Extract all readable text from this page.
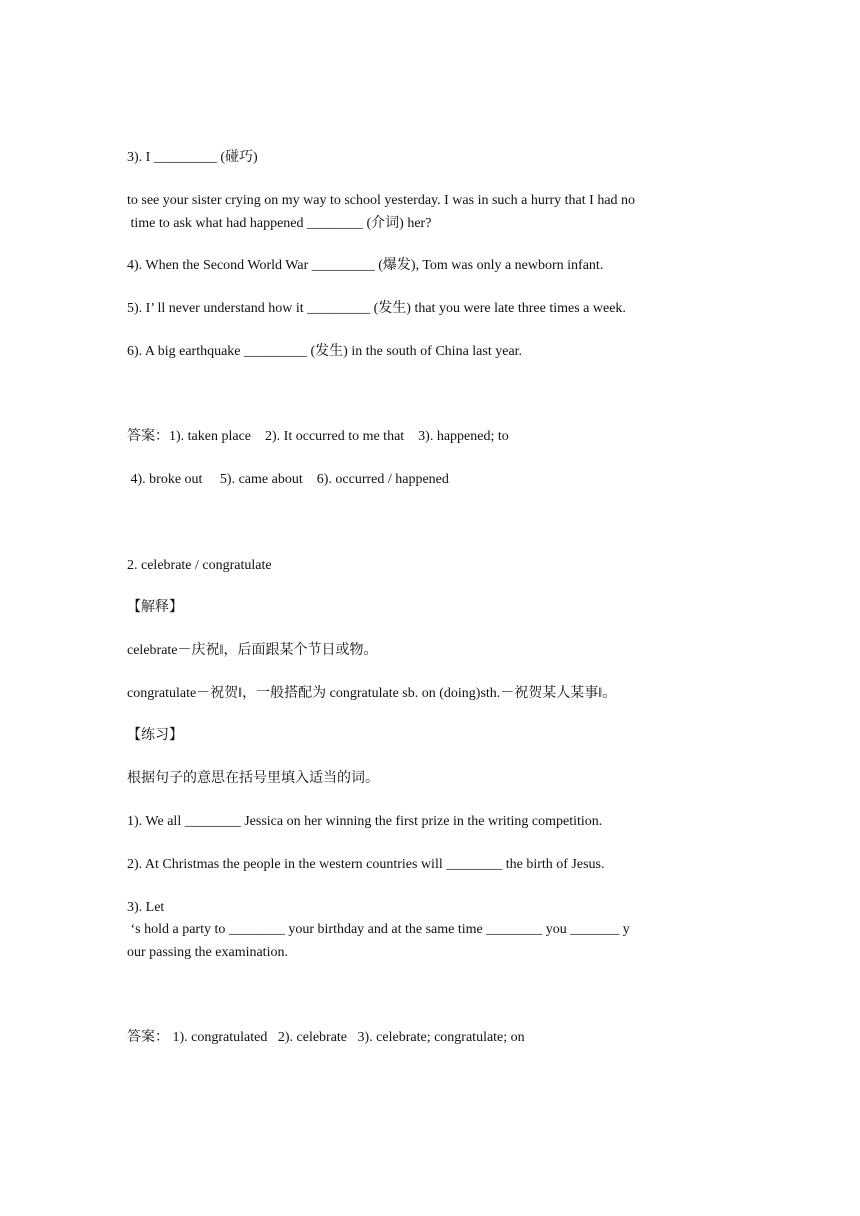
3). I _________ (碰巧)

to see your sister crying on my way to school yesterday. I was in such a hurry that I had no

time to ask what had happened ________ (介词) her?

4). When the Second World War _________ (爆发), Tom was only a newborn infant.

5). I’ ll never understand how it _________ (发生) that you were late three times a week.

6). A big earthquake _________ (发生) in the south of China last year.

答案：1). taken place    2). It occurred to me that    3). happened; to

4). broke out     5). came about    6). occurred / happened

2. celebrate / congratulate

【解释】

celebrate－庆祝‖，后面跟某个节日或物。

congratulate－祝贺‖，一般搭配为 congratulate sb. on (doing)sth.－祝贺某人某事‖。

【练习】

根据句子的意思在括号里填入适当的词。

1). We all ________ Jessica on her winning the first prize in the writing competition.

2). At Christmas the people in the western countries will ________ the birth of Jesus.

3). Let

‘s hold a party to ________ your birthday and at the same time ________ you _______ y

our passing the examination.

答案： 1). congratulated   2). celebrate   3). celebrate; congratulate; on
